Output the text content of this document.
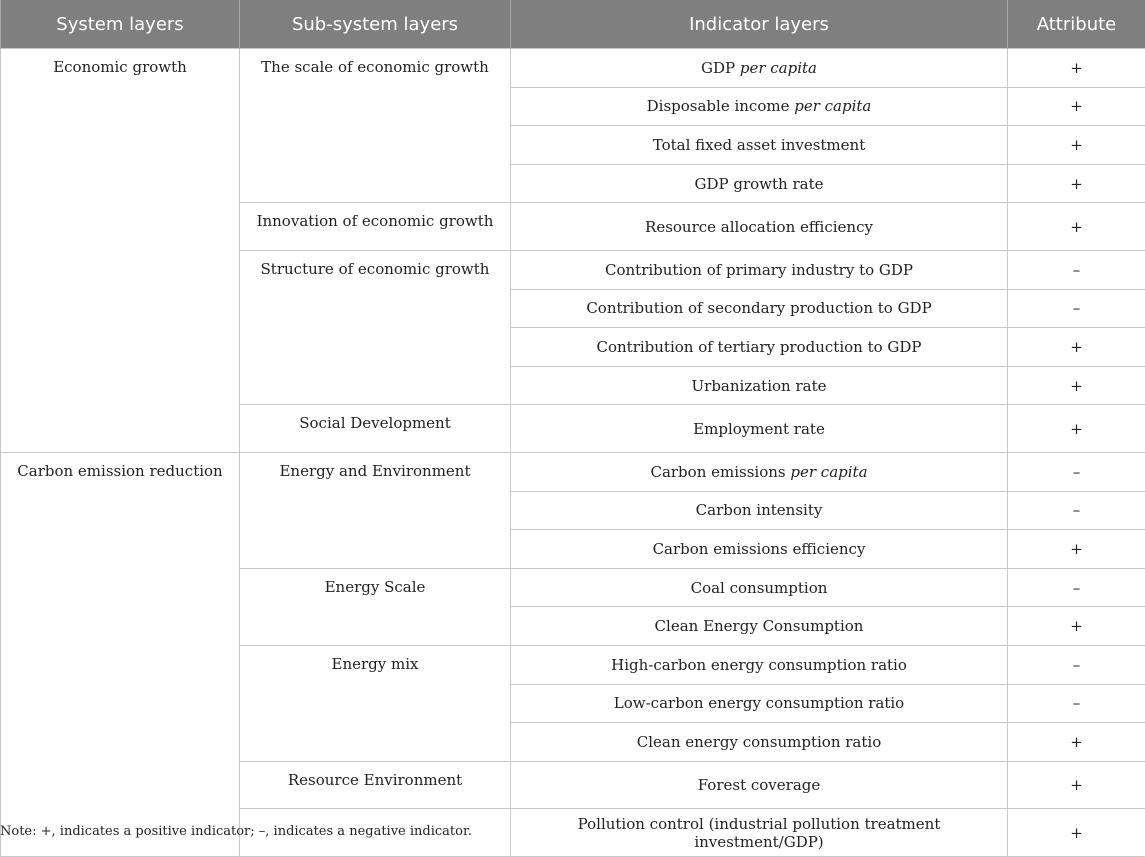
System layers	Sub-system layers	Indicator layers	Attribute
Economic growth	The scale of economic growth	GDP per capita	+
		Disposable income per capita	+
		Total fixed asset investment	+
		GDP growth rate	+
	Innovation of economic growth	Resource allocation efficiency	+
	Structure of economic growth	Contribution of primary industry to GDP	–
		Contribution of secondary production to GDP	–
		Contribution of tertiary production to GDP	+
		Urbanization rate	+
	Social Development	Employment rate	+
Carbon emission reduction	Energy and Environment	Carbon emissions per capita	–
		Carbon intensity	–
		Carbon emissions efficiency	+
	Energy Scale	Coal consumption	–
		Clean Energy Consumption	+
	Energy mix	High-carbon energy consumption ratio	–
		Low-carbon energy consumption ratio	–
		Clean energy consumption ratio	+
	Resource Environment	Forest coverage	+
		Pollution control (industrial pollution treatment investment/GDP)	+
Note: +, indicates a positive indicator; –, indicates a negative indicator.
